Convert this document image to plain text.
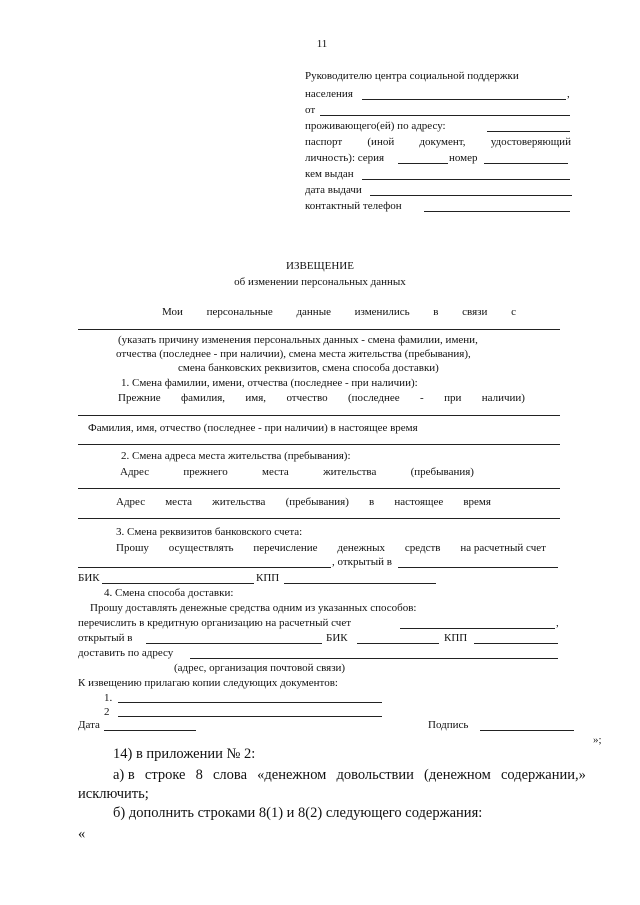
11
Руководителю центра социальной поддержки
населения	,
от
проживающего(ей) по адресу:
паспорт (иной документ, удостоверяющий
личность): серия	номер
кем выдан
дата выдачи
контактный телефон
ИЗВЕЩЕНИЕ
об изменении персональных данных
Мои персональные данные изменились в связи с
(указать причину изменения персональных данных - смена фамилии, имени,
отчества (последнее - при наличии), смена места жительства (пребывания),
смена банковских реквизитов, смена способа доставки)
1. Смена фамилии, имени, отчества (последнее - при наличии):
Прежние фамилия, имя, отчество (последнее - при наличии)
Фамилия, имя, отчество (последнее - при наличии) в настоящее время
2. Смена адреса места жительства (пребывания):
Адрес	прежнего	места	жительства	(пребывания)
Адрес места жительства (пребывания) в настоящее время
3. Смена реквизитов банковского счета:
Прошу осуществлять перечисление денежных средств на расчетный счет
, открытый в
БИК	КПП
4. Смена способа доставки:
Прошу доставлять денежные средства одним из указанных способов:
перечислить в кредитную организацию на расчетный счет	,
открытый в	БИК	КПП
доставить по адресу
(адрес, организация почтовой связи)
К извещению прилагаю копии следующих документов:
1.
2
Дата	Подпись
»;
14) в приложении № 2:
а) в строке 8 слова «денежном довольствии (денежном содержании,»
исключить;
б) дополнить строками 8(1) и 8(2) следующего содержания:
«
